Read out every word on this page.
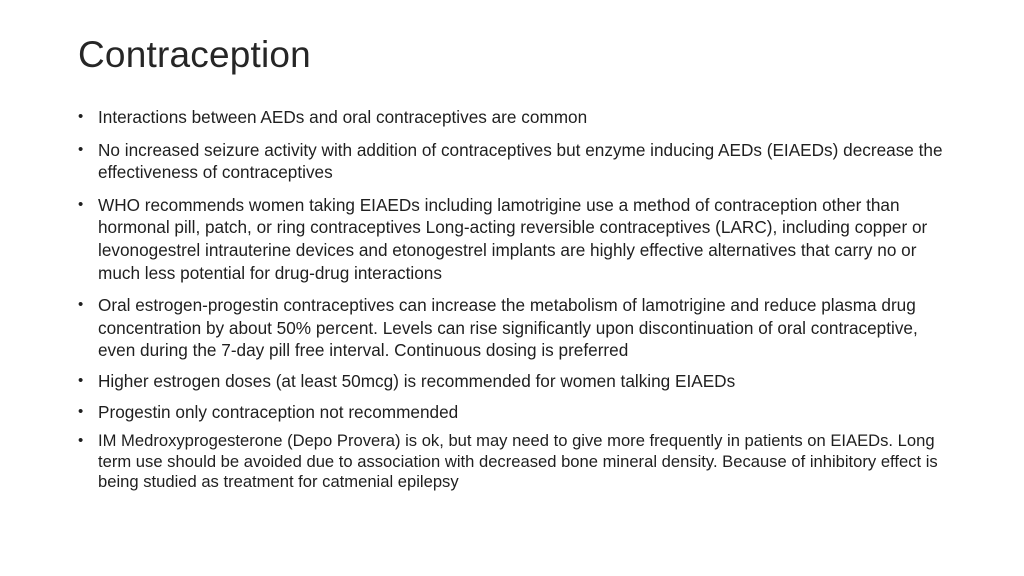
Contraception
• Interactions between AEDs and oral contraceptives are common
• No increased seizure activity with addition of contraceptives but enzyme inducing AEDs (EIAEDs) decrease the effectiveness of contraceptives
• WHO recommends women taking EIAEDs including lamotrigine use a method of contraception other than hormonal pill, patch, or ring contraceptives Long-acting reversible contraceptives (LARC), including copper or levonogestrel intrauterine devices and etonogestrel implants are highly effective alternatives that carry no or much less potential for drug-drug interactions
• Oral estrogen-progestin contraceptives can increase the metabolism of lamotrigine and reduce plasma drug concentration by about 50% percent. Levels can rise significantly upon discontinuation of oral contraceptive, even during the 7-day pill free interval. Continuous dosing is preferred
• Higher estrogen doses (at least 50mcg) is recommended for women talking EIAEDs
• Progestin only contraception not recommended
• IM Medroxyprogesterone (Depo Provera) is ok, but may need to give more frequently in patients on EIAEDs. Long term use should be avoided due to association with decreased bone mineral density. Because of inhibitory effect is being studied as treatment for catmenial epilepsy
